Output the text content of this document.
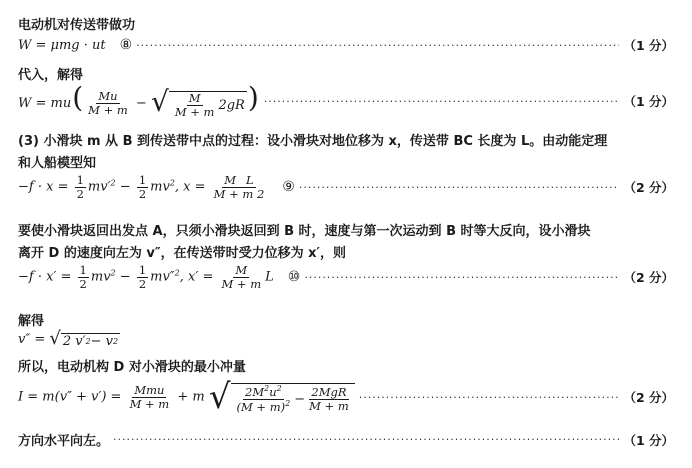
电动机对传送带做功
W = μmg · ut ⑧ ·····	（1 分）
代入，解得
$W = mu( \frac{Mu}{M + m}$ − √ $\frac{M}{M + m} 2gR$ ) ·····	（1 分）
(3) 小滑块 m 从 B 到传送带中点的过程：设小滑块对地位移为 x，传送带 BC 长度为 L。由动能定理
和人船模型知
$-f \cdot x = \frac{1}{2} mv'^2 - \frac{1}{2} mv^2$, $x = \frac{\text{M L}}{M + m 2}$ ⑨ ·····	（2 分）
要使小滑块返回出发点 A，只须小滑块返回到 B 时，速度与第一次运动到 B 时等大反向，设小滑块
离开 D 的速度向左为 v″，在传送带时受力位移为 x′，则
$-f \cdot x' = \frac{1}{2} mv^2 - \frac{1}{2} mv''^2$, $x' = \frac{M}{M + m}$ L ⑩ ·····	（2 分）
解得
v″ = √ 2 v′ 2 − v 2
所以，电动机构 D 对小滑块的最小冲量
$I = m(v'' + v') = \frac{\text{Mmu}}{M + m} + m$ √ $\frac{2M^2u^2}{(M + m)^2} - \frac{\text{2MgR}}{M + m}$ ·····	（2 分）
方向水平向左。 ·····	（1 分）
